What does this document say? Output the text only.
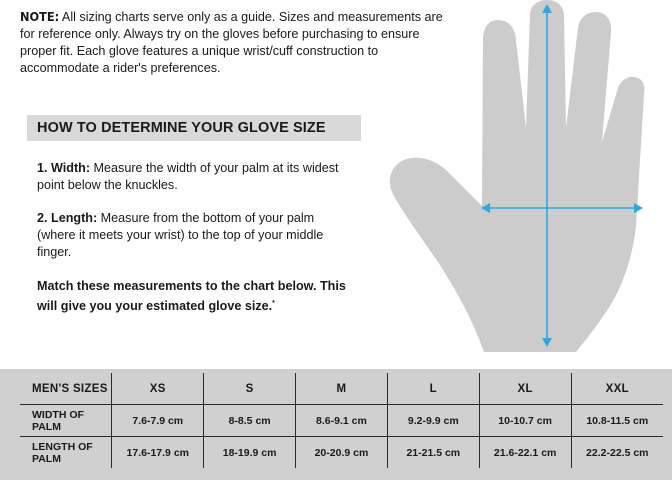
NOTE: All sizing charts serve only as a guide. Sizes and measurements are for reference only. Always try on the gloves before purchasing to ensure proper fit. Each glove features a unique wrist/cuff construction to accommodate a rider's preferences.

HOW TO DETERMINE YOUR GLOVE SIZE

1. Width: Measure the width of your palm at its widest point below the knuckles.

2. Length: Measure from the bottom of your palm (where it meets your wrist) to the top of your middle finger.

Match these measurements to the chart below. This will give you your estimated glove size.*

MEN'S SIZES	XS	S	M	L	XL	XXL
WIDTH OF PALM	7.6-7.9 cm	8-8.5 cm	8.6-9.1 cm	9.2-9.9 cm	10-10.7 cm	10.8-11.5 cm
LENGTH OF PALM	17.6-17.9 cm	18-19.9 cm	20-20.9 cm	21-21.5 cm	21.6-22.1 cm	22.2-22.5 cm
